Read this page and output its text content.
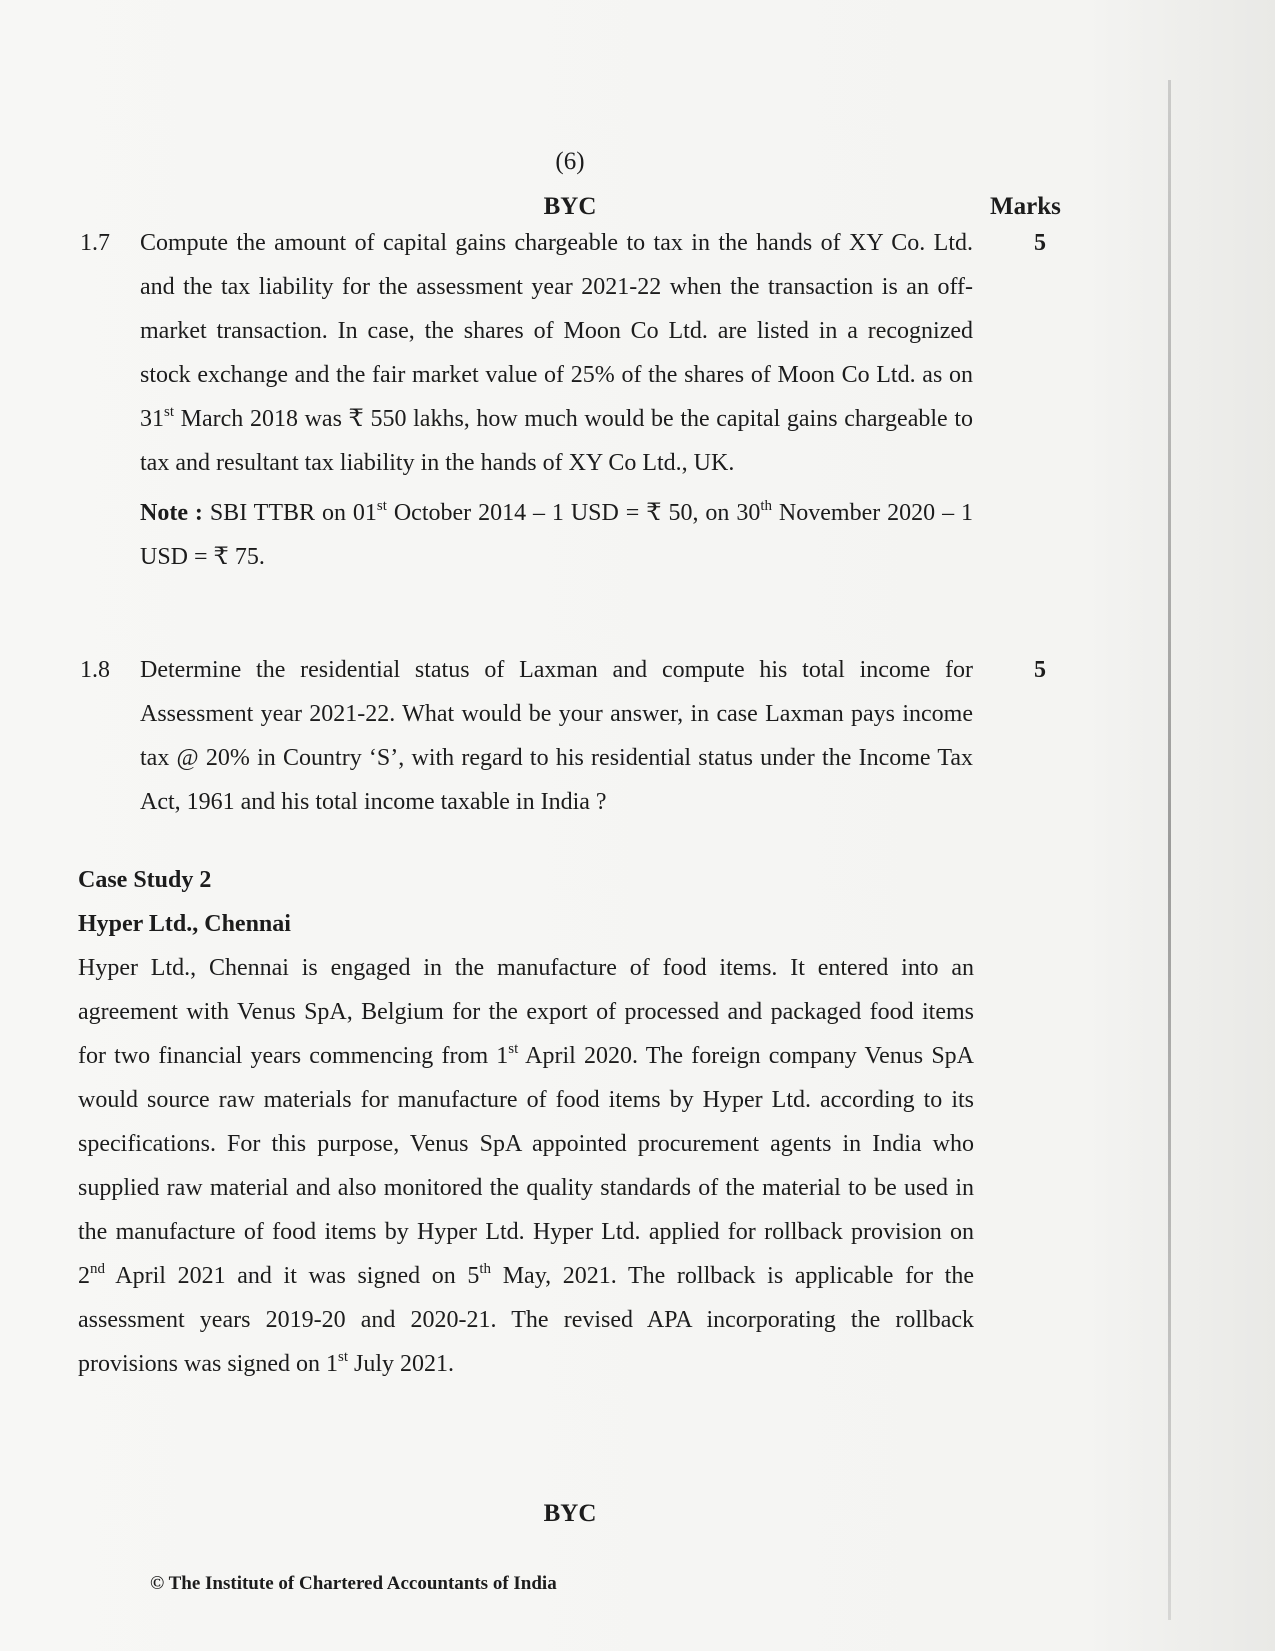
(6)
BYC	Marks
1.7	5

Compute the amount of capital gains chargeable to tax in the hands of XY Co. Ltd. and the tax liability for the assessment year 2021-22 when the transaction is an off-market transaction. In case, the shares of Moon Co Ltd. are listed in a recognized stock exchange and the fair market value of 25% of the shares of Moon Co Ltd. as on 31st March 2018 was ₹ 550 lakhs, how much would be the capital gains chargeable to tax and resultant tax liability in the hands of XY Co Ltd., UK.

Note : SBI TTBR on 01st October 2014 – 1 USD = ₹ 50, on 30th November 2020 – 1 USD = ₹ 75.

1.8	5

Determine the residential status of Laxman and compute his total income for Assessment year 2021-22. What would be your answer, in case Laxman pays income tax @ 20% in Country ‘S’, with regard to his residential status under the Income Tax Act, 1961 and his total income taxable in India ?

Case Study 2

Hyper Ltd., Chennai

Hyper Ltd., Chennai is engaged in the manufacture of food items. It entered into an agreement with Venus SpA, Belgium for the export of processed and packaged food items for two financial years commencing from 1st April 2020. The foreign company Venus SpA would source raw materials for manufacture of food items by Hyper Ltd. according to its specifications. For this purpose, Venus SpA appointed procurement agents in India who supplied raw material and also monitored the quality standards of the material to be used in the manufacture of food items by Hyper Ltd. Hyper Ltd. applied for rollback provision on 2nd April 2021 and it was signed on 5th May, 2021. The rollback is applicable for the assessment years 2019-20 and 2020-21. The revised APA incorporating the rollback provisions was signed on 1st July 2021.

BYC
© The Institute of Chartered Accountants of India
